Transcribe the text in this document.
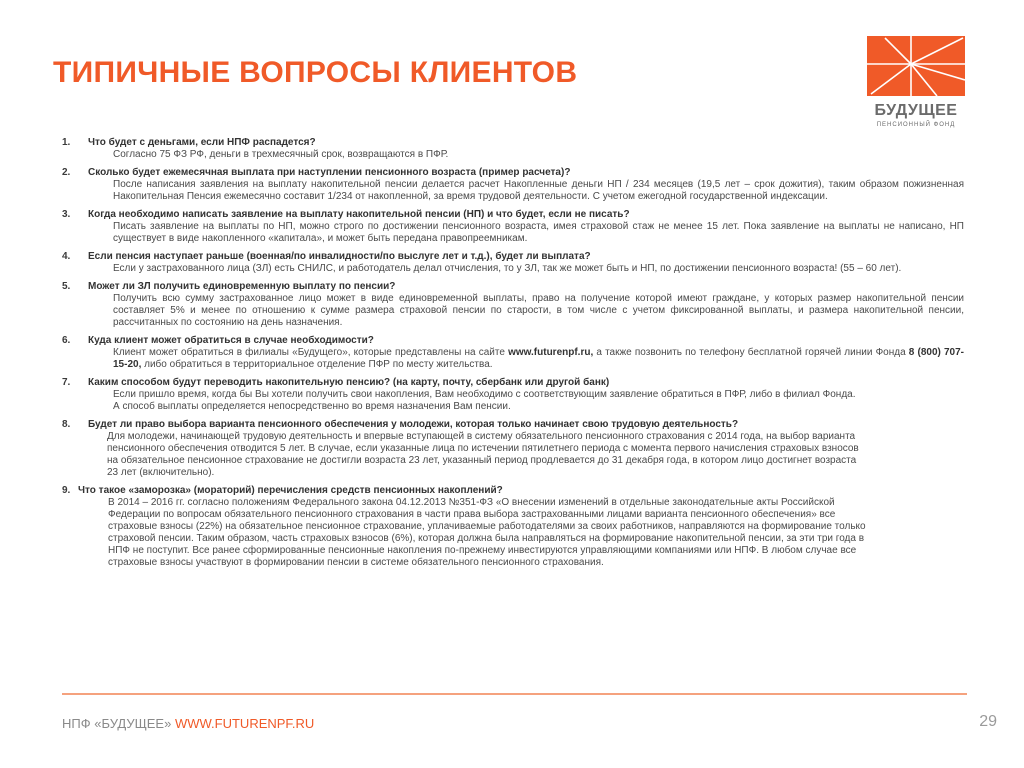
ТИПИЧНЫЕ ВОПРОСЫ КЛИЕНТОВ
БУДУЩЕЕ
ПЕНСИОННЫЙ ФОНД
1.	Что будет с деньгами, если НПФ распадется?
Согласно 75 ФЗ РФ, деньги в трехмесячный срок, возвращаются в ПФР.
2.	Сколько будет ежемесячная выплата при наступлении пенсионного возраста (пример расчета)?
После написания заявления на выплату накопительной пенсии делается расчет Накопленные деньги НП / 234 месяцев (19,5 лет – срок дожития), таким образом пожизненная Накопительная Пенсия ежемесячно составит 1/234 от накопленной, за время трудовой деятельности. С учетом ежегодной государственной индексации.
3.	Когда необходимо написать заявление на выплату накопительной пенсии (НП) и что будет, если не писать?
Писать заявление на выплаты по НП, можно строго по достижении пенсионного возраста, имея страховой стаж не менее 15 лет. Пока заявление на выплаты не написано, НП существует в виде накопленного «капитала», и может быть передана правопреемникам.
4.	Если пенсия наступает раньше (военная/по инвалидности/по выслуге лет и т.д.), будет ли выплата?
Если у застрахованного лица (ЗЛ) есть СНИЛС, и работодатель делал отчисления, то у ЗЛ, так же может быть и НП, по достижении пенсионного возраста! (55 – 60 лет).
5.	Может ли ЗЛ получить единовременную выплату по пенсии?
Получить всю сумму застрахованное лицо может в виде единовременной выплаты, право на получение которой имеют граждане, у которых размер накопительной пенсии составляет 5% и менее по отношению к сумме размера страховой пенсии по старости, в том числе с учетом фиксированной выплаты, и размера накопительной пенсии, рассчитанных по состоянию на день назначения.
6.	Куда клиент может обратиться в случае необходимости?
Клиент может обратиться в филиалы «Будущего», которые представлены на сайте www.futurenpf.ru, а также позвонить по телефону бесплатной горячей линии Фонда 8 (800) 707-15-20, либо обратиться в территориальное отделение ПФР по месту жительства.
7.	Каким способом будут переводить накопительную пенсию? (на карту, почту, сбербанк или другой банк)
Если пришло время, когда бы Вы хотели получить свои накопления, Вам необходимо с соответствующим заявление обратиться в ПФР, либо в филиал Фонда.
А способ выплаты определяется непосредственно во время назначения Вам пенсии.
8.	Будет ли право выбора варианта пенсионного обеспечения у молодежи, которая только начинает свою трудовую деятельность?
Для молодежи, начинающей трудовую деятельность и впервые вступающей в систему обязательного пенсионного страхования с 2014 года, на выбор варианта пенсионного обеспечения отводится 5 лет. В случае, если указанные лица по истечении пятилетнего периода с момента первого начисления страховых взносов на обязательное пенсионное страхование не достигли возраста 23 лет, указанный период продлевается до 31 декабря года, в котором лицо достигнет возраста 23 лет (включительно).
9. Что такое «заморозка» (мораторий) перечисления средств пенсионных накоплений?
В 2014 – 2016 гг. согласно положениям Федерального закона 04.12.2013 №351-ФЗ «О внесении изменений в отдельные законодательные акты Российской Федерации по вопросам обязательного пенсионного страхования в части права выбора застрахованными лицами варианта пенсионного обеспечения» все страховые взносы (22%) на обязательное пенсионное страхование, уплачиваемые работодателями за своих работников, направляются на формирование только страховой пенсии. Таким образом, часть страховых взносов (6%), которая должна была направляться на формирование накопительной пенсии, за эти три года в НПФ не поступит. Все ранее сформированные пенсионные накопления по-прежнему инвестируются управляющими компаниями или НПФ. В любом случае все страховые взносы участвуют в формировании пенсии в системе обязательного пенсионного страхования.
НПФ «БУДУЩЕЕ» WWW.FUTURENPF.RU	29
